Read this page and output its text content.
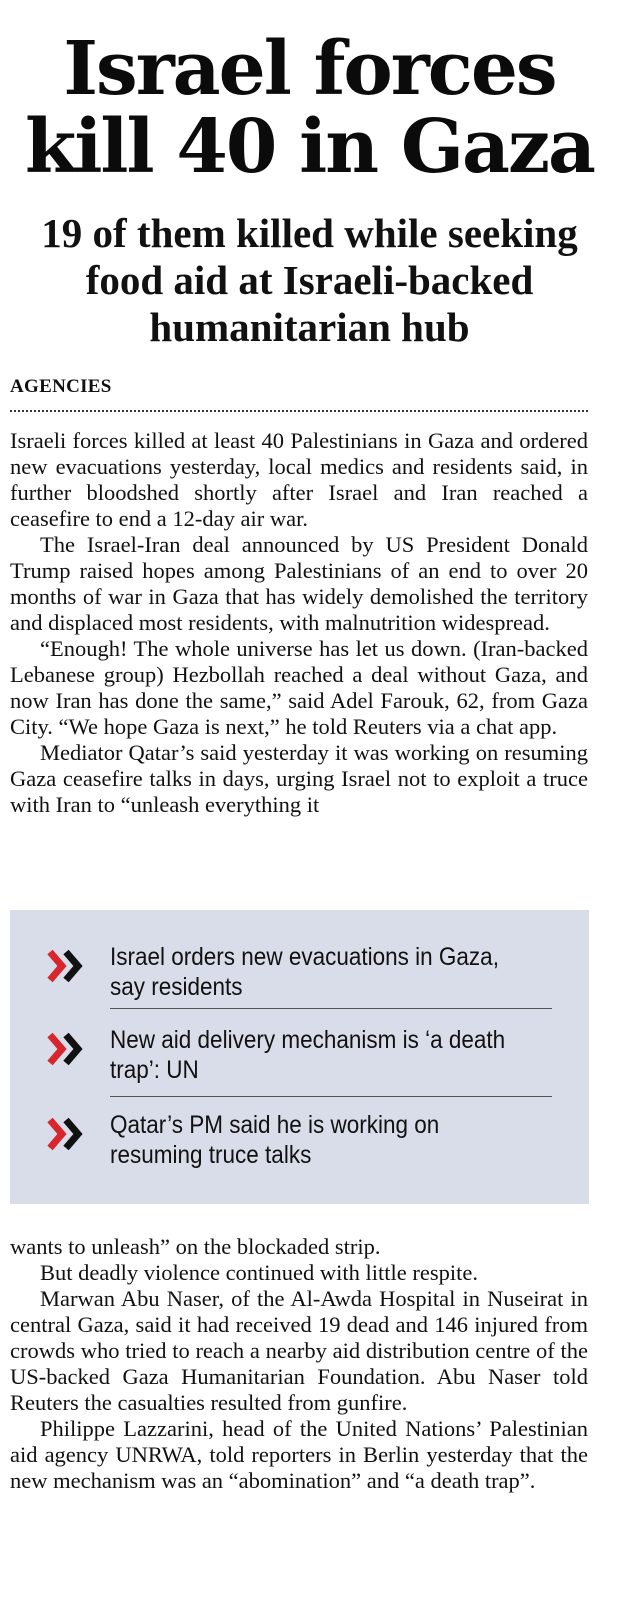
Israel forces
kill 40 in Gaza
19 of them killed while seeking
food aid at Israeli-backed
humanitarian hub
AGENCIES

Israeli forces killed at least 40 Palestinians in Gaza and ordered new evacuations yesterday, local medics and residents said, in further bloodshed shortly after Israel and Iran reached a ceasefire to end a 12-day air war.

The Israel-Iran deal announced by US President Donald Trump raised hopes among Palestinians of an end to over 20 months of war in Gaza that has widely demolished the territory and displaced most residents, with malnutrition widespread.

“Enough! The whole universe has let us down. (Iran-backed Lebanese group) Hezbollah reached a deal without Gaza, and now Iran has done the same,” said Adel Farouk, 62, from Gaza City. “We hope Gaza is next,” he told Reuters via a chat app.

Mediator Qatar’s said yesterday it was working on resuming Gaza ceasefire talks in days, urging Israel not to exploit a truce with Iran to “unleash everything it

Israel orders new evacuations in Gaza, say residents
New aid delivery mechanism is ‘a death trap’: UN
Qatar’s PM said he is working on resuming truce talks

wants to unleash” on the blockaded strip.

But deadly violence continued with little respite.

Marwan Abu Naser, of the Al-Awda Hospital in Nuseirat in central Gaza, said it had received 19 dead and 146 injured from crowds who tried to reach a nearby aid distribution centre of the US-backed Gaza Humanitarian Foundation. Abu Naser told Reuters the casualties resulted from gunfire.

Philippe Lazzarini, head of the United Nations’ Palestinian aid agency UNRWA, told reporters in Berlin yesterday that the new mechanism was an “abomination” and “a death trap”.
